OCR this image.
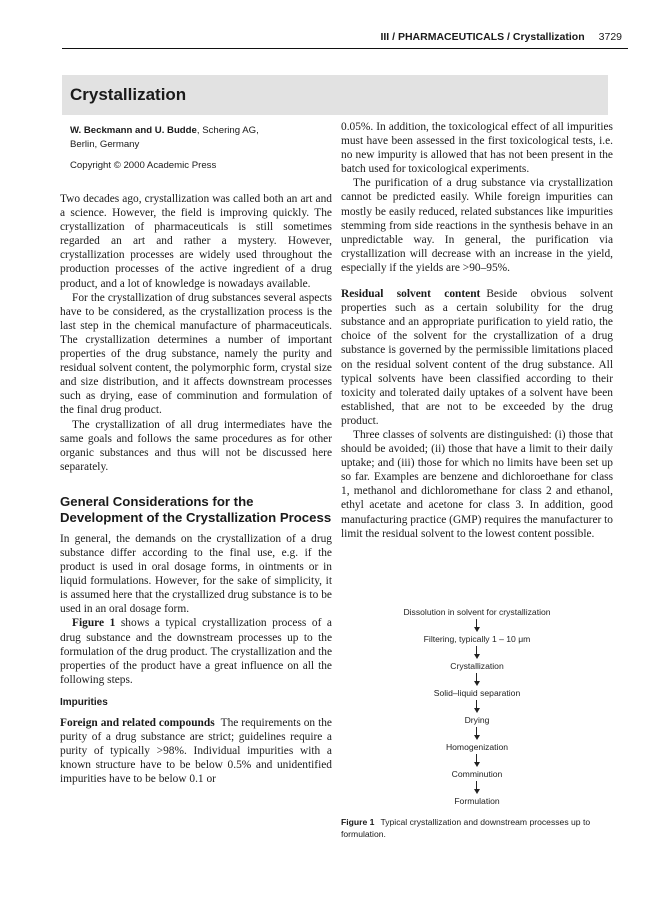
III / PHARMACEUTICALS / Crystallization 3729
Crystallization
W. Beckmann and U. Budde, Schering AG,
Berlin, Germany
Copyright © 2000 Academic Press

Two decades ago, crystallization was called both an art and a science. However, the field is improving quickly. The crystallization of pharmaceuticals is still sometimes regarded an art and rather a mystery. However, crystallization processes are widely used throughout the production processes of the active ingredient of a drug product, and a lot of knowledge is nowadays available.

For the crystallization of drug substances several aspects have to be considered, as the crystallization process is the last step in the chemical manufacture of pharmaceuticals. The crystallization determines a number of important properties of the drug substance, namely the purity and residual solvent content, the polymorphic form, crystal size and size distribution, and it affects downstream processes such as drying, ease of comminution and formulation of the final drug product.

The crystallization of all drug intermediates have the same goals and follows the same procedures as for other organic substances and thus will not be discussed here separately.

General Considerations for the Development of the Crystallization Process

In general, the demands on the crystallization of a drug substance differ according to the final use, e.g. if the product is used in oral dosage forms, in ointments or in liquid formulations. However, for the sake of simplicity, it is assumed here that the crystallized drug substance is to be used in an oral dosage form.

Figure 1 shows a typical crystallization process of a drug substance and the downstream processes up to the formulation of the drug product. The crystallization and the properties of the product have a great influence on all the following steps.

Impurities

Foreign and related compounds The requirements on the purity of a drug substance are strict; guidelines require a purity of typically >98%. Individual impurities with a known structure have to be below 0.5% and unidentified impurities have to be below 0.1 or

0.05%. In addition, the toxicological effect of all impurities must have been assessed in the first toxicological tests, i.e. no new impurity is allowed that has not been present in the batch used for toxicological experiments.

The purification of a drug substance via crystallization cannot be predicted easily. While foreign impurities can mostly be easily reduced, related substances like impurities stemming from side reactions in the synthesis behave in an unpredictable way. In general, the purification via crystallization will decrease with an increase in the yield, especially if the yields are >90–95%.

Residual solvent content Beside obvious solvent properties such as a certain solubility for the drug substance and an appropriate purification to yield ratio, the choice of the solvent for the crystallization of a drug substance is governed by the permissible limitations placed on the residual solvent content of the drug substance. All typical solvents have been classified according to their toxicity and tolerated daily uptakes of a solvent have been established, that are not to be exceeded by the drug product.

Three classes of solvents are distinguished: (i) those that should be avoided; (ii) those that have a limit to their daily uptake; and (iii) those for which no limits have been set up so far. Examples are benzene and dichloroethane for class 1, methanol and dichloromethane for class 2 and ethanol, ethyl acetate and acetone for class 3. In addition, good manufacturing practice (GMP) requires the manufacturer to limit the residual solvent to the lowest content possible.

Dissolution in solvent for crystallization
Filtering, typically 1 – 10 μm
Crystallization
Solid–liquid separation
Drying
Homogenization
Comminution
Formulation
Figure 1 Typical crystallization and downstream processes up to formulation.
